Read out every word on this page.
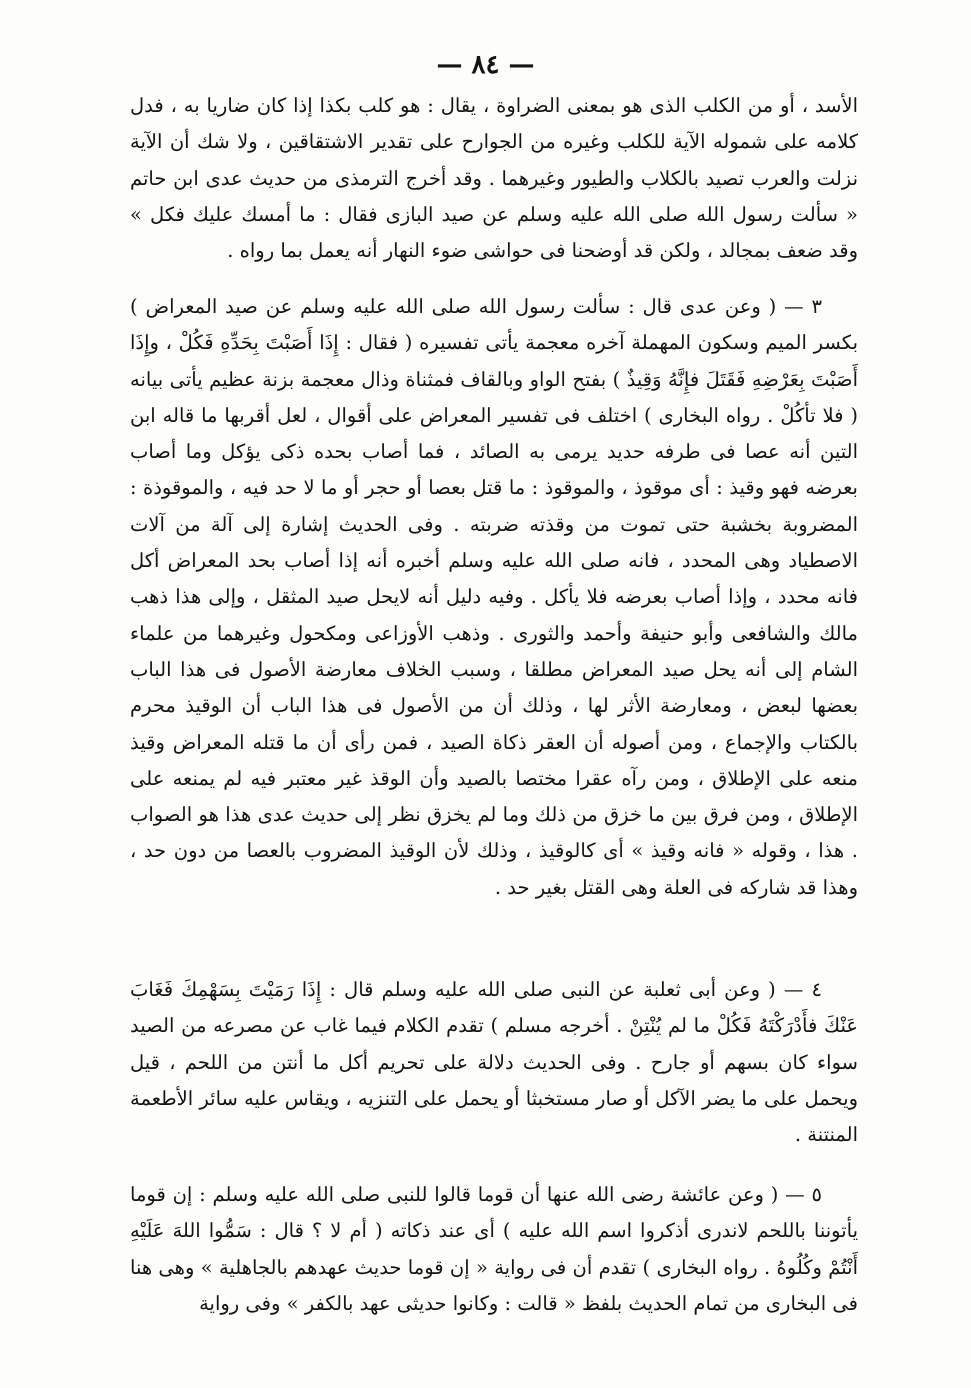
— ٨٤ —

الأسد ، أو من الكلب الذى هو بمعنى الضراوة ، يقال : هو كلب بكذا إذا كان ضاريا به ، فدل كلامه على شموله الآية للكلب وغيره من الجوارح على تقدير الاشتقاقين ، ولا شك أن الآية نزلت والعرب تصيد بالكلاب والطيور وغيرهما . وقد أخرج الترمذى من حديث عدى ابن حاتم « سألت رسول الله صلى الله عليه وسلم عن صيد البازى فقال : ما أمسك عليك فكل » وقد ضعف بمجالد ، ولكن قد أوضحنا فى حواشى ضوء النهار أنه يعمل بما رواه .

٣ — ( وعن عدى قال : سألت رسول الله صلى الله عليه وسلم عن صيد المعراض ) بكسر الميم وسكون المهملة آخره معجمة يأتى تفسيره ( فقال : إِذَا أَصَبْتَ بِحَدِّهِ فَكُلْ ، وإِذَا أَصَبْتَ بِعَرْضِهِ فَقَتَلَ فإِنَّهُ وَقِيذٌ ) بفتح الواو وبالقاف فمثناة وذال معجمة بزنة عظيم يأتى بيانه ( فلا تأكُلْ . رواه البخارى ) اختلف فى تفسير المعراض على أقوال ، لعل أقربها ما قاله ابن التين أنه عصا فى طرفه حديد يرمى به الصائد ، فما أصاب بحده ذكى يؤكل وما أصاب بعرضه فهو وقيذ : أى موقوذ ، والموقوذ : ما قتل بعصا أو حجر أو ما لا حد فيه ، والموقوذة : المضروبة بخشبة حتى تموت من وقذته ضربته . وفى الحديث إشارة إلى آلة من آلات الاصطياد وهى المحدد ، فانه صلى الله عليه وسلم أخبره أنه إذا أصاب بحد المعراض أكل فانه محدد ، وإذا أصاب بعرضه فلا يأكل . وفيه دليل أنه لايحل صيد المثقل ، وإلى هذا ذهب مالك والشافعى وأبو حنيفة وأحمد والثورى . وذهب الأوزاعى ومكحول وغيرهما من علماء الشام إلى أنه يحل صيد المعراض مطلقا ، وسبب الخلاف معارضة الأصول فى هذا الباب بعضها لبعض ، ومعارضة الأثر لها ، وذلك أن من الأصول فى هذا الباب أن الوقيذ محرم بالكتاب والإجماع ، ومن أصوله أن العقر ذكاة الصيد ، فمن رأى أن ما قتله المعراض وقيذ منعه على الإطلاق ، ومن رآه عقرا مختصا بالصيد وأن الوقذ غير معتبر فيه لم يمنعه على الإطلاق ، ومن فرق بين ما خزق من ذلك وما لم يخزق نظر إلى حديث عدى هذا هو الصواب . هذا ، وقوله « فانه وقيذ » أى كالوقيذ ، وذلك لأن الوقيذ المضروب بالعصا من دون حد ، وهذا قد شاركه فى العلة وهى القتل بغير حد .

٤ — ( وعن أبى ثعلبة عن النبى صلى الله عليه وسلم قال : إِذَا رَمَيْتَ بِسَهْمِكَ فَغَابَ عَنْكَ فأَدْرَكْتَهُ فَكُلْ ما لم يُنْتِنْ . أخرجه مسلم ) تقدم الكلام فيما غاب عن مصرعه من الصيد سواء كان بسهم أو جارح . وفى الحديث دلالة على تحريم أكل ما أنتن من اللحم ، قيل ويحمل على ما يضر الآكل أو صار مستخبثا أو يحمل على التنزيه ، ويقاس عليه سائر الأطعمة المنتنة .

٥ — ( وعن عائشة رضى الله عنها أن قوما قالوا للنبى صلى الله عليه وسلم : إن قوما يأتوننا باللحم لاندرى أذكروا اسم الله عليه ) أى عند ذكاته ( أم لا ؟ قال : سَمُّوا اللهَ عَلَيْهِ أَنْتُمْ وكُلُوهُ . رواه البخارى ) تقدم أن فى رواية « إن قوما حديث عهدهم بالجاهلية » وهى هنا فى البخارى من تمام الحديث بلفظ « قالت : وكانوا حديثى عهد بالكفر » وفى رواية
